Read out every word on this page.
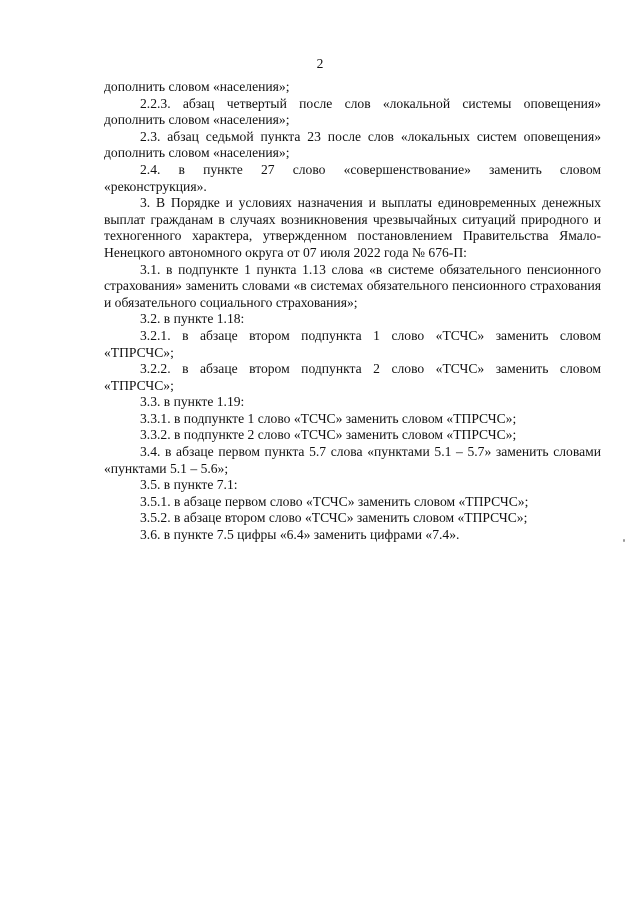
2

дополнить словом «населения»;

2.2.3. абзац четвертый после слов «локальной системы оповещения» дополнить словом «населения»;

2.3. абзац седьмой пункта 23 после слов «локальных систем оповещения» дополнить словом «населения»;

2.4. в пункте 27 слово «совершенствование» заменить словом «реконструкция».

3. В Порядке и условиях назначения и выплаты единовременных денежных выплат гражданам в случаях возникновения чрезвычайных ситуаций природного и техногенного характера, утвержденном постановлением Правительства Ямало-Ненецкого автономного округа от 07 июля 2022 года № 676-П:

3.1. в подпункте 1 пункта 1.13 слова «в системе обязательного пенсионного страхования» заменить словами «в системах обязательного пенсионного страхования и обязательного социального страхования»;

3.2. в пункте 1.18:

3.2.1. в абзаце втором подпункта 1 слово «ТСЧС» заменить словом «ТПРСЧС»;

3.2.2. в абзаце втором подпункта 2 слово «ТСЧС» заменить словом «ТПРСЧС»;

3.3. в пункте 1.19:

3.3.1. в подпункте 1 слово «ТСЧС» заменить словом «ТПРСЧС»;

3.3.2. в подпункте 2 слово «ТСЧС» заменить словом «ТПРСЧС»;

3.4. в абзаце первом пункта 5.7 слова «пунктами 5.1 – 5.7» заменить словами «пунктами 5.1 – 5.6»;

3.5. в пункте 7.1:

3.5.1. в абзаце первом слово «ТСЧС» заменить словом «ТПРСЧС»;

3.5.2. в абзаце втором слово «ТСЧС» заменить словом «ТПРСЧС»;

3.6. в пункте 7.5 цифры «6.4» заменить цифрами «7.4».
